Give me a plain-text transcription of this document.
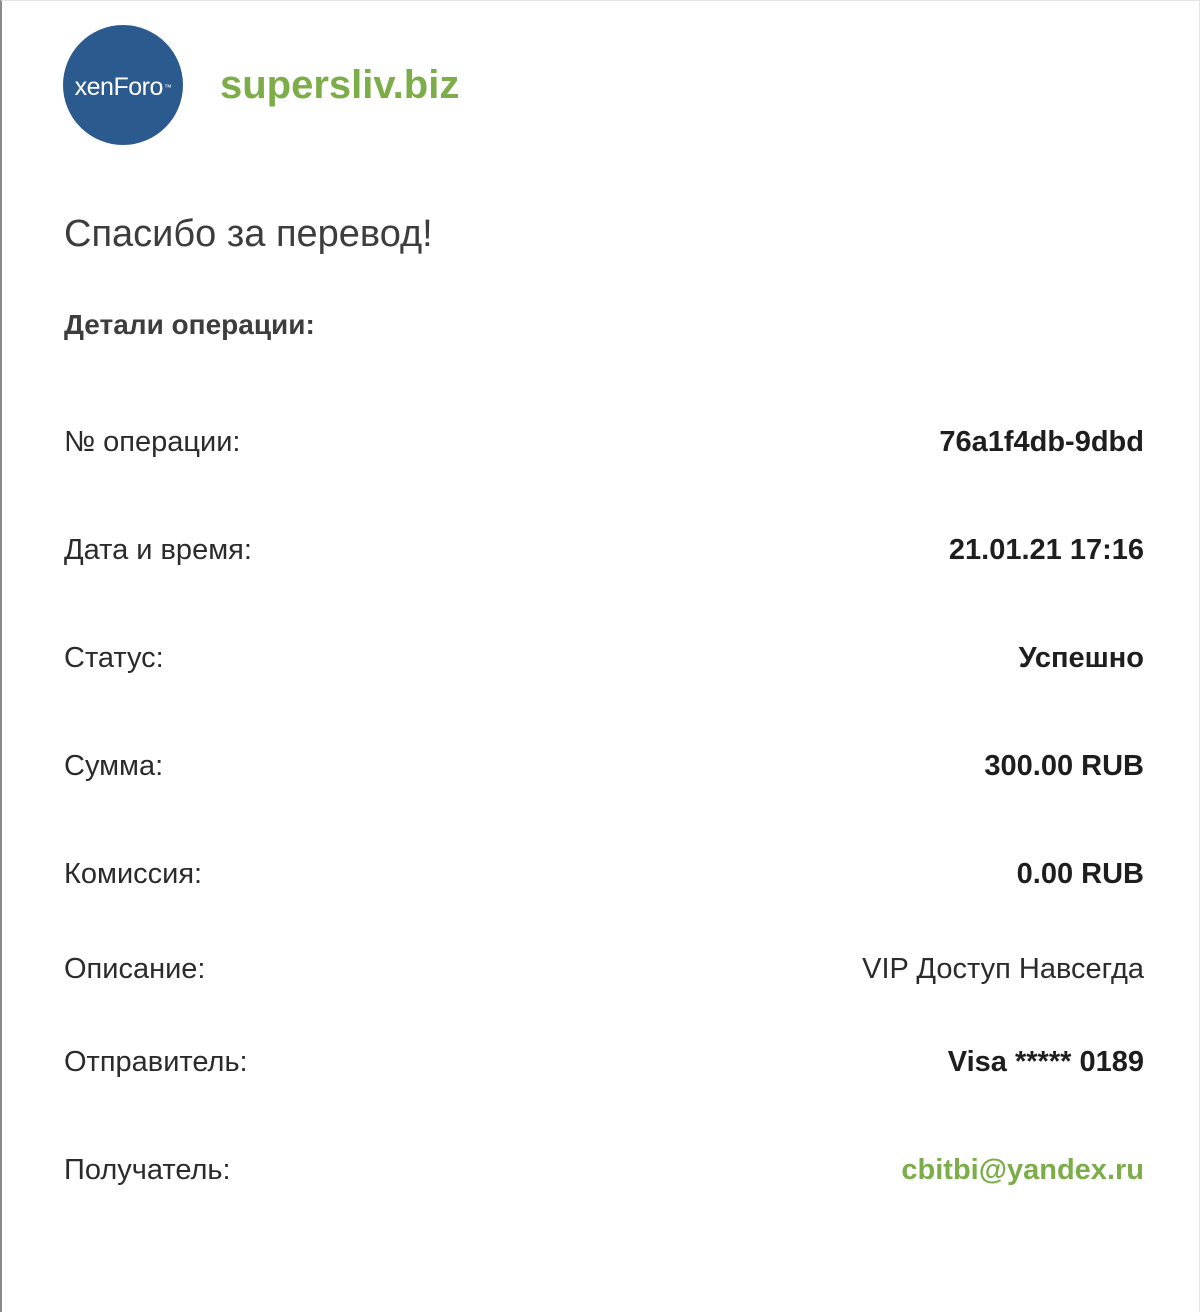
xenForo ™ supersliv.biz
Спасибо за перевод!
Детали операции:
№ операции:	76a1f4db-9dbd
Дата и время:	21.01.21 17:16
Статус:	Успешно
Сумма:	300.00 RUB
Комиссия:	0.00 RUB
Описание:	VIP Доступ Навсегда
Отправитель:	Visa ***** 0189
Получатель:	cbitbi@yandex.ru
